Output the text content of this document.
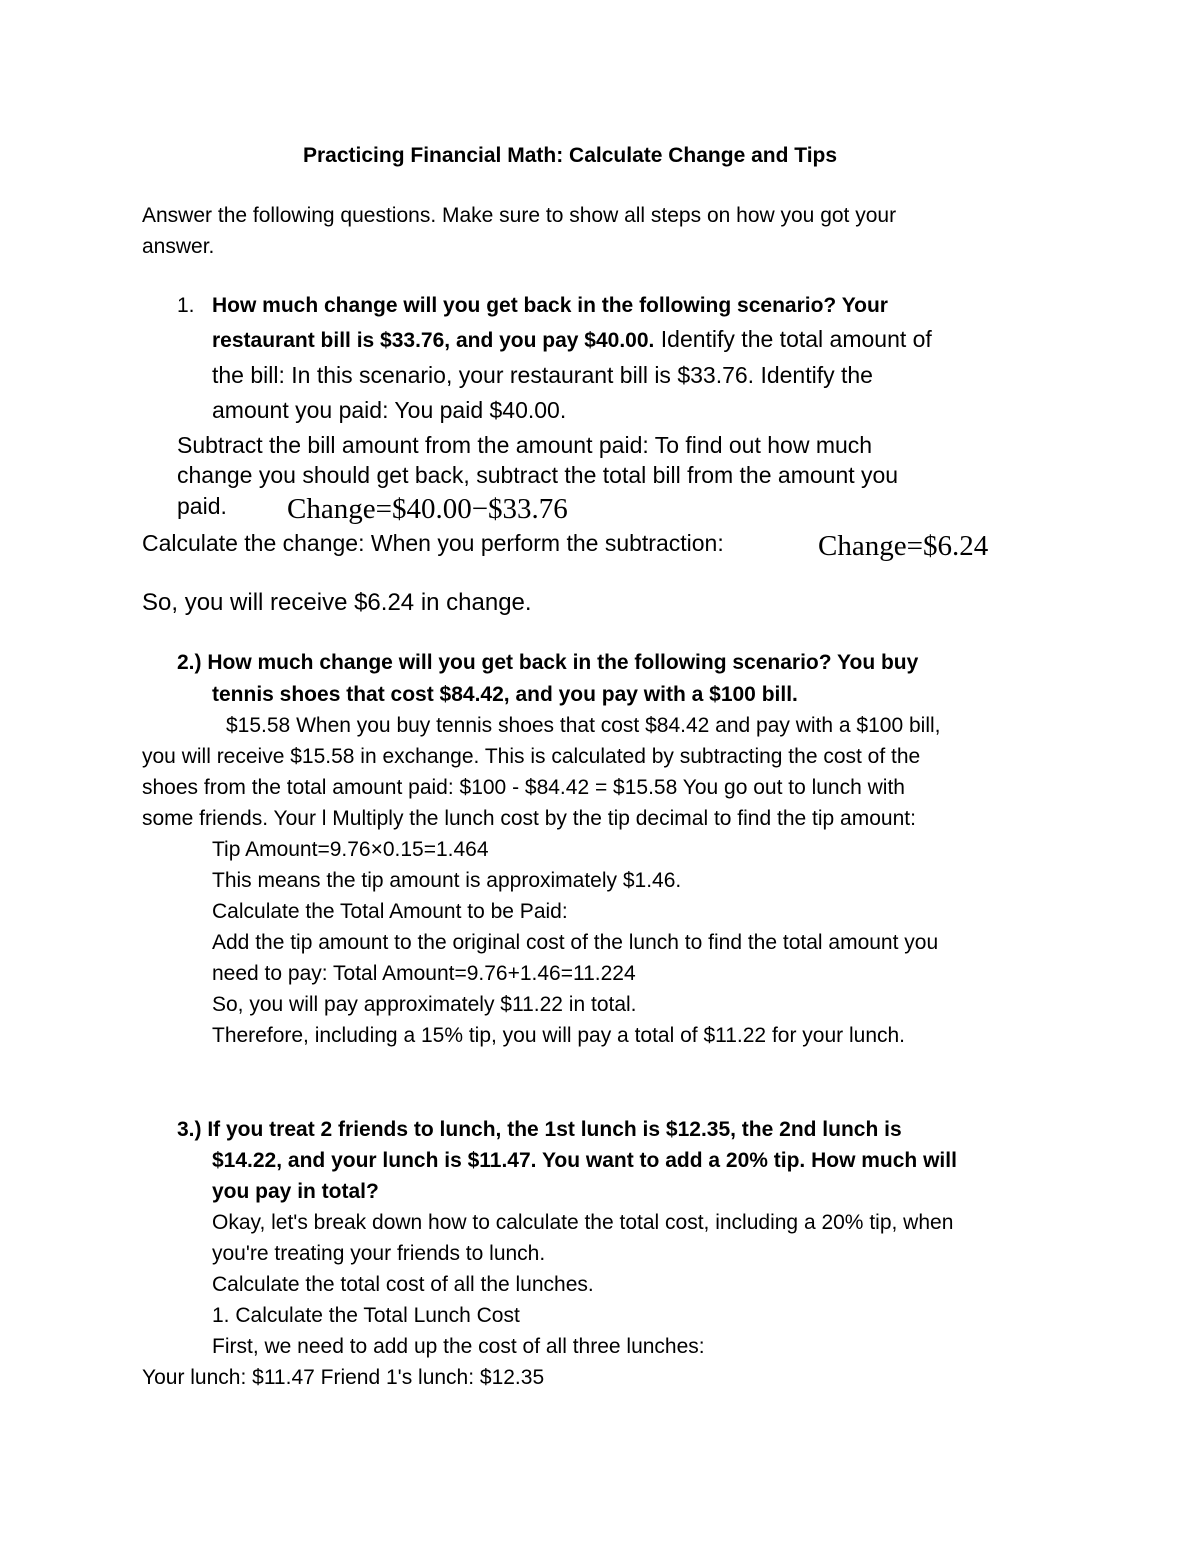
Practicing Financial Math: Calculate Change and Tips
Answer the following questions. Make sure to show all steps on how you got your
answer.
1. How much change will you get back in the following scenario? Your
restaurant bill is $33.76, and you pay $40.00. Identify the total amount of
the bill: In this scenario, your restaurant bill is $33.76. Identify the
amount you paid: You paid $40.00.
Subtract the bill amount from the amount paid: To find out how much
change you should get back, subtract the total bill from the amount you
paid. Change=$40.00−$33.76
Calculate the change: When you perform the subtraction:	Change=$6.24
So, you will receive $6.24 in change.
2.) How much change will you get back in the following scenario? You buy
tennis shoes that cost $84.42, and you pay with a $100 bill.
$15.58 When you buy tennis shoes that cost $84.42 and pay with a $100 bill,
you will receive $15.58 in exchange. This is calculated by subtracting the cost of the
shoes from the total amount paid: $100 - $84.42 = $15.58 You go out to lunch with
some friends. Your l Multiply the lunch cost by the tip decimal to find the tip amount:
Tip Amount=9.76×0.15=1.464
This means the tip amount is approximately $1.46.
Calculate the Total Amount to be Paid:
Add the tip amount to the original cost of the lunch to find the total amount you
need to pay: Total Amount=9.76+1.46=11.224
So, you will pay approximately $11.22 in total.
Therefore, including a 15% tip, you will pay a total of $11.22 for your lunch.
3.) If you treat 2 friends to lunch, the 1st lunch is $12.35, the 2nd lunch is
$14.22, and your lunch is $11.47. You want to add a 20% tip. How much will
you pay in total?
Okay, let's break down how to calculate the total cost, including a 20% tip, when
you're treating your friends to lunch.
Calculate the total cost of all the lunches.
1. Calculate the Total Lunch Cost
First, we need to add up the cost of all three lunches:
Your lunch: $11.47 Friend 1's lunch: $12.35
